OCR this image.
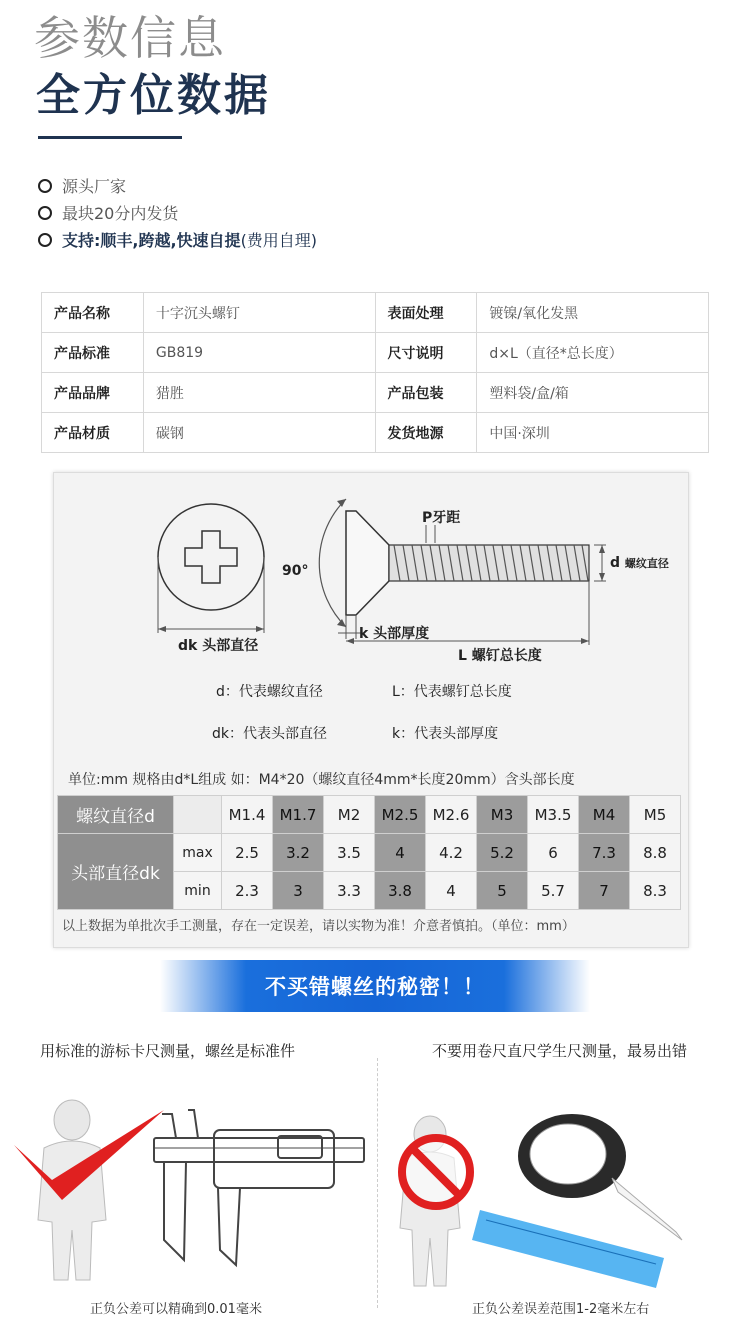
参数信息
全方位数据
源头厂家
最块20分内发货
支持:顺丰,跨越,快速自提 (费用自理)
产品名称	十字沉头螺钉	表面处理	镀镍/氧化发黑
产品标准	GB819	尺寸说明	d×L（直径*总长度）
产品品牌	猎胜	产品包装	塑料袋/盒/箱
产品材质	碳钢	发货地源	中国·深圳
P牙距
90°	d 螺纹直径
dk 头部直径
k 头部厚度
L 螺钉总长度
d：代表螺纹直径	L：代表螺钉总长度
dk：代表头部直径	k：代表头部厚度
单位:mm 规格由d*L组成 如：M4*20（螺纹直径4mm*长度20mm）含头部长度
螺纹直径d		M1.4	M1.7	M2	M2.5	M2.6	M3	M3.5	M4	M5
头部直径dk	max	2.5	3.2	3.5	4	4.2	5.2	6	7.3	8.8
	min	2.3	3	3.3	3.8	4	5	5.7	7	8.3
以上数据为单批次手工测量，存在一定误差，请以实物为准！介意者慎拍。（单位：mm）
不买错螺丝的秘密！！
用标准的游标卡尺测量，螺丝是标准件	不要用卷尺直尺学生尺测量，最易出错
正负公差可以精确到0.01毫米	正负公差误差范围1-2毫米左右
